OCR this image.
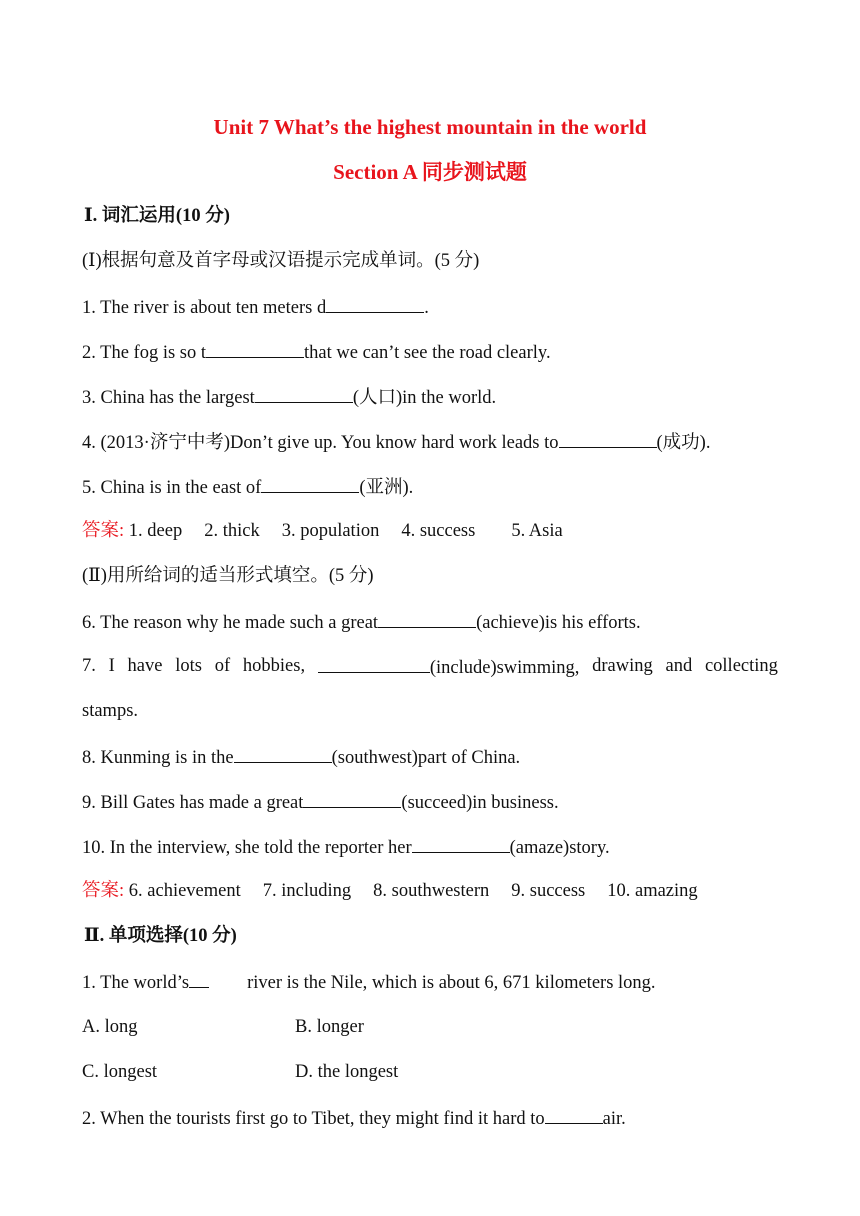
Unit 7 What’s the highest mountain in the world
Section A 同步测试题
Ⅰ. 词汇运用(10 分)
(Ⅰ)根据句意及首字母或汉语提示完成单词。(5 分)
1. The river is about ten meters d	.
2. The fog is so t	that we can’t see the road clearly.
3. China has the largest	(人口)in the world.
4. (2013·济宁中考)Don’t give up. You know hard work leads to	(成功).
5. China is in the east of	(亚洲).
答案: 1. deep 2. thick 3. population 4. success 5. Asia
(Ⅱ)用所给词的适当形式填空。(5 分)
6. The reason why he made such a great	(achieve)is his efforts.
7. I have lots of hobbies,	(include)swimming, drawing and collecting
stamps.
8. Kunming is in the	(southwest)part of China.
9. Bill Gates has made a great	(succeed)in business.
10. In the interview, she told the reporter her	(amaze)story.
答案: 6. achievement 7. including 8. southwestern 9. success 10. amazing
Ⅱ. 单项选择(10 分)
1. The world’s	river is the Nile, which is about 6, 671 kilometers long.
A. long	B. longer
C. longest	D. the longest
2. When the tourists first go to Tibet, they might find it hard to	air.
